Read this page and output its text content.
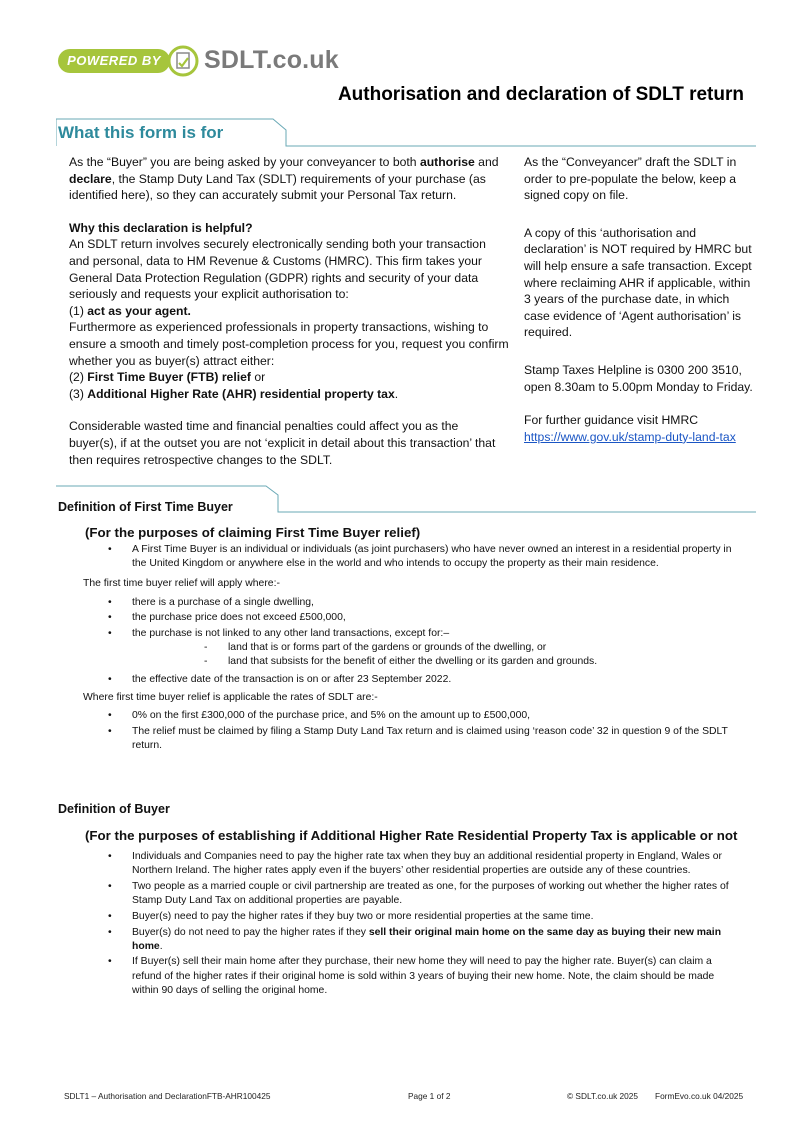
POWERED BY	SDLT.co.uk
Authorisation and declaration of SDLT return
What this form is for

As the “Buyer” you are being asked by your conveyancer to both authorise and declare, the Stamp Duty Land Tax (SDLT) requirements of your purchase (as identified here), so they can accurately submit your Personal Tax return.

Why this declaration is helpful?

An SDLT return involves securely electronically sending both your transaction and personal, data to HM Revenue & Customs (HMRC). This firm takes your General Data Protection Regulation (GDPR) rights and security of your data seriously and requests your explicit authorisation to:

(1) act as your agent.

Furthermore as experienced professionals in property transactions, wishing to ensure a smooth and timely post-completion process for you, request you confirm whether you as buyer(s) attract either:

(2) First Time Buyer (FTB) relief or

(3) Additional Higher Rate (AHR) residential property tax.

Considerable wasted time and financial penalties could affect you as the buyer(s), if at the outset you are not ‘explicit in detail about this transaction’ that then requires retrospective changes to the SDLT.

As the “Conveyancer” draft the SDLT in order to pre-populate the below, keep a signed copy on file.

A copy of this ‘authorisation and declaration’ is NOT required by HMRC but will help ensure a safe transaction. Except where reclaiming AHR if applicable, within 3 years of the purchase date, in which case evidence of ‘Agent authorisation’ is required.

Stamp Taxes Helpline is 0300 200 3510, open 8.30am to 5.00pm Monday to Friday.

For further guidance visit HMRC

https://www.gov.uk/stamp-duty-land-tax

Definition of First Time Buyer
(For the purposes of claiming First Time Buyer relief)
• A First Time Buyer is an individual or individuals (as joint purchasers) who have never owned an interest in a residential property in the United Kingdom or anywhere else in the world and who intends to occupy the property as their main residence.
The first time buyer relief will apply where:-
• there is a purchase of a single dwelling,
• the purchase price does not exceed £500,000,
• the purchase is not linked to any other land transactions, except for:–
- land that is or forms part of the gardens or grounds of the dwelling, or
- land that subsists for the benefit of either the dwelling or its garden and grounds.
• the effective date of the transaction is on or after 23 September 2022.
Where first time buyer relief is applicable the rates of SDLT are:-
• 0% on the first £300,000 of the purchase price, and 5% on the amount up to £500,000,
• The relief must be claimed by filing a Stamp Duty Land Tax return and is claimed using ‘reason code’ 32 in question 9 of the SDLT return.
Definition of Buyer
(For the purposes of establishing if Additional Higher Rate Residential Property Tax is applicable or not
• Individuals and Companies need to pay the higher rate tax when they buy an additional residential property in England, Wales or Northern Ireland. The higher rates apply even if the buyers’ other residential properties are outside any of these countries.
• Two people as a married couple or civil partnership are treated as one, for the purposes of working out whether the higher rates of Stamp Duty Land Tax on additional properties are payable.
• Buyer(s) need to pay the higher rates if they buy two or more residential properties at the same time.
• Buyer(s) do not need to pay the higher rates if they sell their original main home on the same day as buying their new main home.
• If Buyer(s) sell their main home after they purchase, their new home they will need to pay the higher rate. Buyer(s) can claim a refund of the higher rates if their original home is sold within 3 years of buying their new home. Note, the claim should be made within 90 days of selling the original home.
SDLT1 – Authorisation and DeclarationFTB-AHR100425	Page 1 of 2	© SDLT.co.uk 2025 FormEvo.co.uk 04/2025
